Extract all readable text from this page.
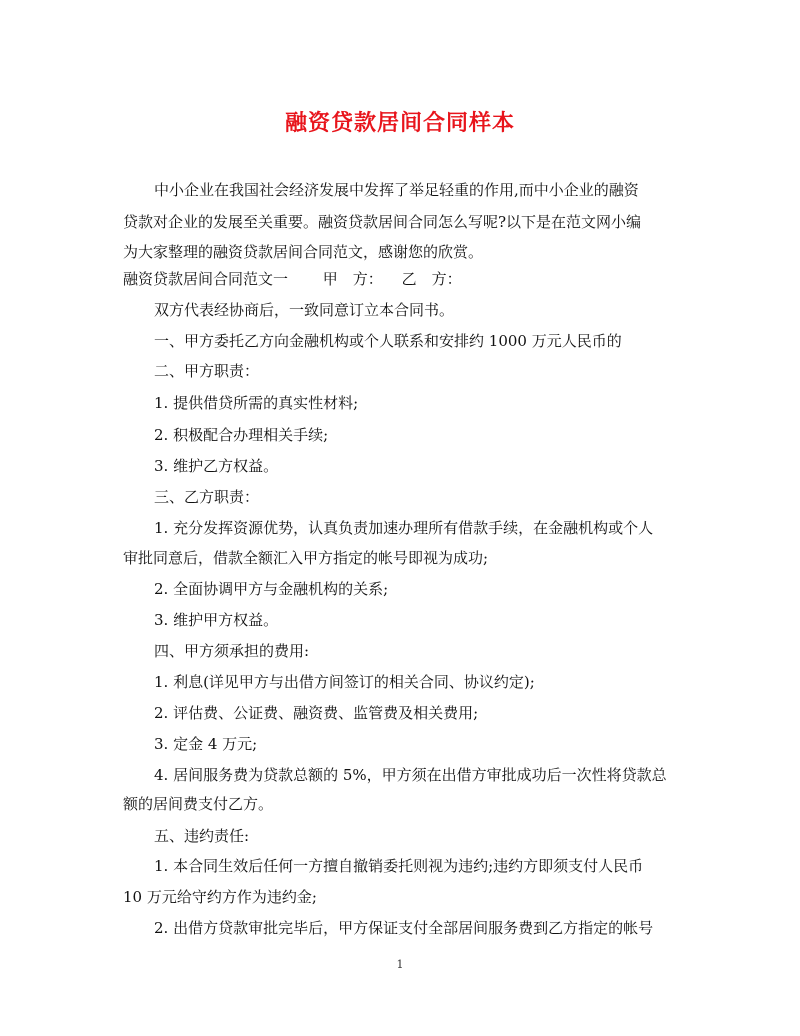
融资贷款居间合同样本
中小企业在我国社会经济发展中发挥了举足轻重的作用,而中小企业的融资
贷款对企业的发展至关重要。融资贷款居间合同怎么写呢?以下是在范文网小编
为大家整理的融资贷款居间合同范文，感谢您的欣赏。
融资贷款居间合同范文一 甲　方： 乙　方：
双方代表经协商后，一致同意订立本合同书。
一、甲方委托乙方向金融机构或个人联系和安排约 1000 万元人民币的
二、甲方职责：
1. 提供借贷所需的真实性材料;
2. 积极配合办理相关手续;
3. 维护乙方权益。
三、乙方职责：
1. 充分发挥资源优势，认真负责加速办理所有借款手续，在金融机构或个人
审批同意后，借款全额汇入甲方指定的帐号即视为成功;
2. 全面协调甲方与金融机构的关系;
3. 维护甲方权益。
四、甲方须承担的费用:
1. 利息(详见甲方与出借方间签订的相关合同、协议约定);
2. 评估费、公证费、融资费、监管费及相关费用;
3. 定金 4 万元;
4. 居间服务费为贷款总额的 5%，甲方须在出借方审批成功后一次性将贷款总
额的居间费支付乙方。
五、违约责任:
1. 本合同生效后任何一方擅自撤销委托则视为违约;违约方即须支付人民币
10 万元给守约方作为违约金;
2. 出借方贷款审批完毕后，甲方保证支付全部居间服务费到乙方指定的帐号
1
